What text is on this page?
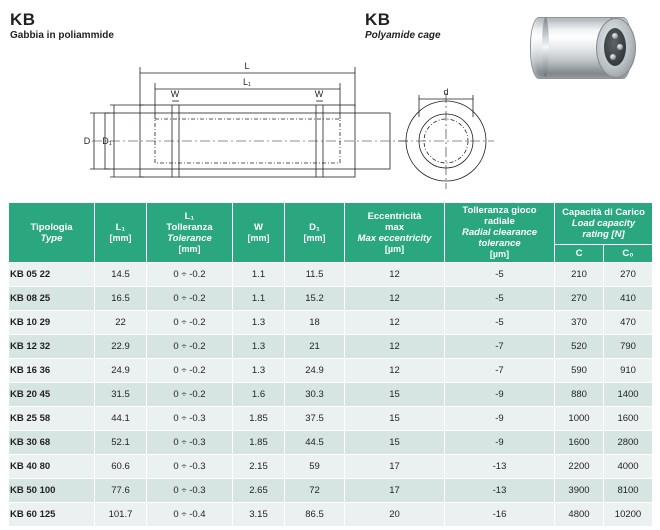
KB
Gabbia in poliammide
KB
Polyamide cage
L
L₁
W	W
D D₁
d
Tipologia
Type

L₁
[mm]

L₁
Tolleranza
Tolerance
[mm]

W
[mm]

D₁
[mm]

Eccentricità
max
Max eccentricity
[µm]

Tolleranza gioco
radiale
Radial clearance
tolerance
[µm]

Capacità di Carico
Load capacity
rating [N]

							C	C₀
KB 05 22	14.5	0 ÷ -0.2	1.1	11.5	12	-5	210	270
KB 08 25	16.5	0 ÷ -0.2	1.1	15.2	12	-5	270	410
KB 10 29	22	0 ÷ -0.2	1.3	18	12	-5	370	470
KB 12 32	22.9	0 ÷ -0.2	1.3	21	12	-7	520	790
KB 16 36	24.9	0 ÷ -0.2	1.3	24.9	12	-7	590	910
KB 20 45	31.5	0 ÷ -0.2	1.6	30.3	15	-9	880	1400
KB 25 58	44.1	0 ÷ -0.3	1.85	37.5	15	-9	1000	1600
KB 30 68	52.1	0 ÷ -0.3	1.85	44.5	15	-9	1600	2800
KB 40 80	60.6	0 ÷ -0.3	2.15	59	17	-13	2200	4000
KB 50 100	77.6	0 ÷ -0.3	2.65	72	17	-13	3900	8100
KB 60 125	101.7	0 ÷ -0.4	3.15	86.5	20	-16	4800	10200
